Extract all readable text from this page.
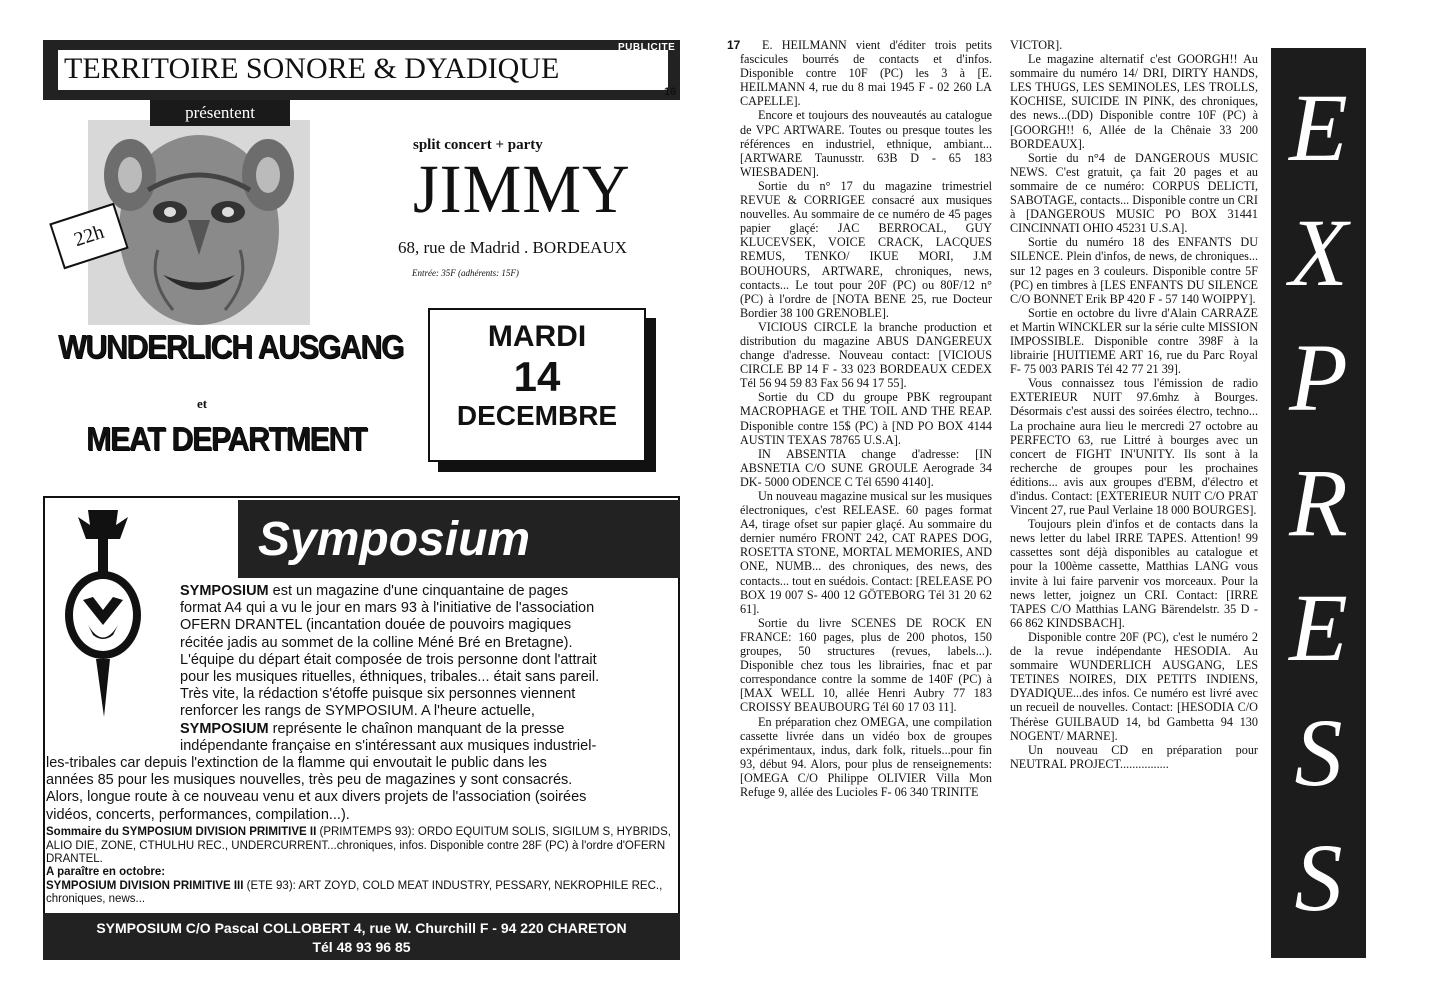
TERRITOIRE SONORE & DYADIQUE
PUBLICITE
16
présentent
22h
split concert + party
JIMMY
68, rue de Madrid . BORDEAUX
Entrée: 35F (adhérents: 15F)
WUNDERLICH AUSGANG
et
MEAT DEPARTMENT
MARDI
14
DECEMBRE
Symposium
SYMPOSIUM est un magazine d'une cinquantaine de pages
format A4 qui a vu le jour en mars 93 à l'initiative de l'association
OFERN DRANTEL (incantation douée de pouvoirs magiques
récitée jadis au sommet de la colline Méné Bré en Bretagne).
L'équipe du départ était composée de trois personne dont l'attrait
pour les musiques rituelles, éthniques, tribales... était sans pareil.
Très vite, la rédaction s'étoffe puisque six personnes viennent
renforcer les rangs de SYMPOSIUM. A l'heure actuelle,
SYMPOSIUM représente le chaînon manquant de la presse
indépendante française en s'intéressant aux musiques industriel-
les-tribales car depuis l'extinction de la flamme qui envoutait le public dans les
années 85 pour les musiques nouvelles, très peu de magazines y sont consacrés.
Alors, longue route à ce nouveau venu et aux divers projets de l'association (soirées
vidéos, concerts, performances, compilation...).
Sommaire du SYMPOSIUM DIVISION PRIMITIVE II (PRIMTEMPS 93): ORDO EQUITUM SOLIS, SIGILUM S, HYBRIDS, ALIO DIE, ZONE, CTHULHU REC., UNDERCURRENT...chroniques, infos. Disponible contre 28F (PC) à l'ordre d'OFERN DRANTEL.
A paraître en octobre:
SYMPOSIUM DIVISION PRIMITIVE III (ETE 93): ART ZOYD, COLD MEAT INDUSTRY, PESSARY, NEKROPHILE REC., chroniques, news...
SYMPOSIUM C/O Pascal COLLOBERT 4, rue W. Churchill F - 94 220 CHARETON
Tél 48 93 96 85
17	E. HEILMANN vient d'éditer trois petits fascicules bourrés de contacts et d'infos. Disponible contre 10F (PC) les 3 à [E. HEILMANN 4, rue du 8 mai 1945 F - 02 260 LA CAPELLE].

Encore et toujours des nouveautés au catalogue de VPC ARTWARE. Toutes ou presque toutes les références en industriel, ethnique, ambiant...[ARTWARE Taunusstr. 63B D - 65 183 WIESBADEN].

Sortie du n° 17 du magazine trimestriel REVUE & CORRIGEE consacré aux musiques nouvelles. Au sommaire de ce numéro de 45 pages papier glaçé: JAC BERROCAL, GUY KLUCEVSEK, VOICE CRACK, LACQUES REMUS, TENKO/ IKUE MORI, J.M BOUHOURS, ARTWARE, chroniques, news, contacts... Le tout pour 20F (PC) ou 80F/12 n° (PC) à l'ordre de [NOTA BENE 25, rue Docteur Bordier 38 100 GRENOBLE].

VICIOUS CIRCLE la branche production et distribution du magazine ABUS DANGEREUX change d'adresse. Nouveau contact: [VICIOUS CIRCLE BP 14 F - 33 023 BORDEAUX CEDEX Tél 56 94 59 83 Fax 56 94 17 55].

Sortie du CD du groupe PBK regroupant MACROPHAGE et THE TOIL AND THE REAP. Disponible contre 15$ (PC) à [ND PO BOX 4144 AUSTIN TEXAS 78765 U.S.A].

IN ABSENTIA change d'adresse: [IN ABSNETIA C/O SUNE GROULE Aerograde 34 DK- 5000 ODENCE C Tél 6590 4140].

Un nouveau magazine musical sur les musiques électroniques, c'est RELEASE. 60 pages format A4, tirage ofset sur papier glaçé. Au sommaire du dernier numéro FRONT 242, CAT RAPES DOG, ROSETTA STONE, MORTAL MEMORIES, AND ONE, NUMB... des chroniques, des news, des contacts... tout en suédois. Contact: [RELEASE PO BOX 19 007 S- 400 12 GÖTEBORG Tél 31 20 62 61].

Sortie du livre SCENES DE ROCK EN FRANCE: 160 pages, plus de 200 photos, 150 groupes, 50 structures (revues, labels...). Disponible chez tous les librairies, fnac et par correspondance contre la somme de 140F (PC) à [MAX WELL 10, allée Henri Aubry 77 183 CROISSY BEAUBOURG Tél 60 17 03 11].

En préparation chez OMEGA, une compilation cassette livrée dans un vidéo box de groupes expérimentaux, indus, dark folk, rituels...pour fin 93, début 94. Alors, pour plus de renseignements: [OMEGA C/O Philippe OLIVIER Villa Mon Refuge 9, allée des Lucioles F- 06 340 TRINITE

VICTOR].

Le magazine alternatif c'est GOORGH!! Au sommaire du numéro 14/ DRI, DIRTY HANDS, LES THUGS, LES SEMINOLES, LES TROLLS, KOCHISE, SUICIDE IN PINK, des chroniques, des news...(DD) Disponible contre 10F (PC) à [GOORGH!! 6, Allée de la Chênaie 33 200 BORDEAUX].

Sortie du n°4 de DANGEROUS MUSIC NEWS. C'est gratuit, ça fait 20 pages et au sommaire de ce numéro: CORPUS DELICTI, SABOTAGE, contacts... Disponible contre un CRI à [DANGEROUS MUSIC PO BOX 31441 CINCINNATI OHIO 45231 U.S.A].

Sortie du numéro 18 des ENFANTS DU SILENCE. Plein d'infos, de news, de chroniques... sur 12 pages en 3 couleurs. Disponible contre 5F (PC) en timbres à [LES ENFANTS DU SILENCE C/O BONNET Erik BP 420 F - 57 140 WOIPPY].

Sortie en octobre du livre d'Alain CARRAZE et Martin WINCKLER sur la série culte MISSION IMPOSSIBLE. Disponible contre 398F à la librairie [HUITIEME ART 16, rue du Parc Royal F- 75 003 PARIS Tél 42 77 21 39].

Vous connaissez tous l'émission de radio EXTERIEUR NUIT 97.6mhz à Bourges. Désormais c'est aussi des soirées électro, techno... La prochaine aura lieu le mercredi 27 octobre au PERFECTO 63, rue Littré à bourges avec un concert de FIGHT IN'UNITY. Ils sont à la recherche de groupes pour les prochaines éditions... avis aux groupes d'EBM, d'électro et d'indus. Contact: [EXTERIEUR NUIT C/O PRAT Vincent 27, rue Paul Verlaine 18 000 BOURGES].

Toujours plein d'infos et de contacts dans la news letter du label IRRE TAPES. Attention! 99 cassettes sont déjà disponibles au catalogue et pour la 100ème cassette, Matthias LANG vous invite à lui faire parvenir vos morceaux. Pour la news letter, joignez un CRI. Contact: [IRRE TAPES C/O Matthias LANG Bärendelstr. 35 D - 66 862 KINDSBACH].

Disponible contre 20F (PC), c'est le numéro 2 de la revue indépendante HESODIA. Au sommaire WUNDERLICH AUSGANG, LES TETINES NOIRES, DIX PETITS INDIENS, DYADIQUE...des infos. Ce numéro est livré avec un recueil de nouvelles. Contact: [HESODIA C/O Thérèse GUILBAUD 14, bd Gambetta 94 130 NOGENT/ MARNE].

Un nouveau CD en préparation pour NEUTRAL PROJECT................

E
X
P
R
E
S
S
